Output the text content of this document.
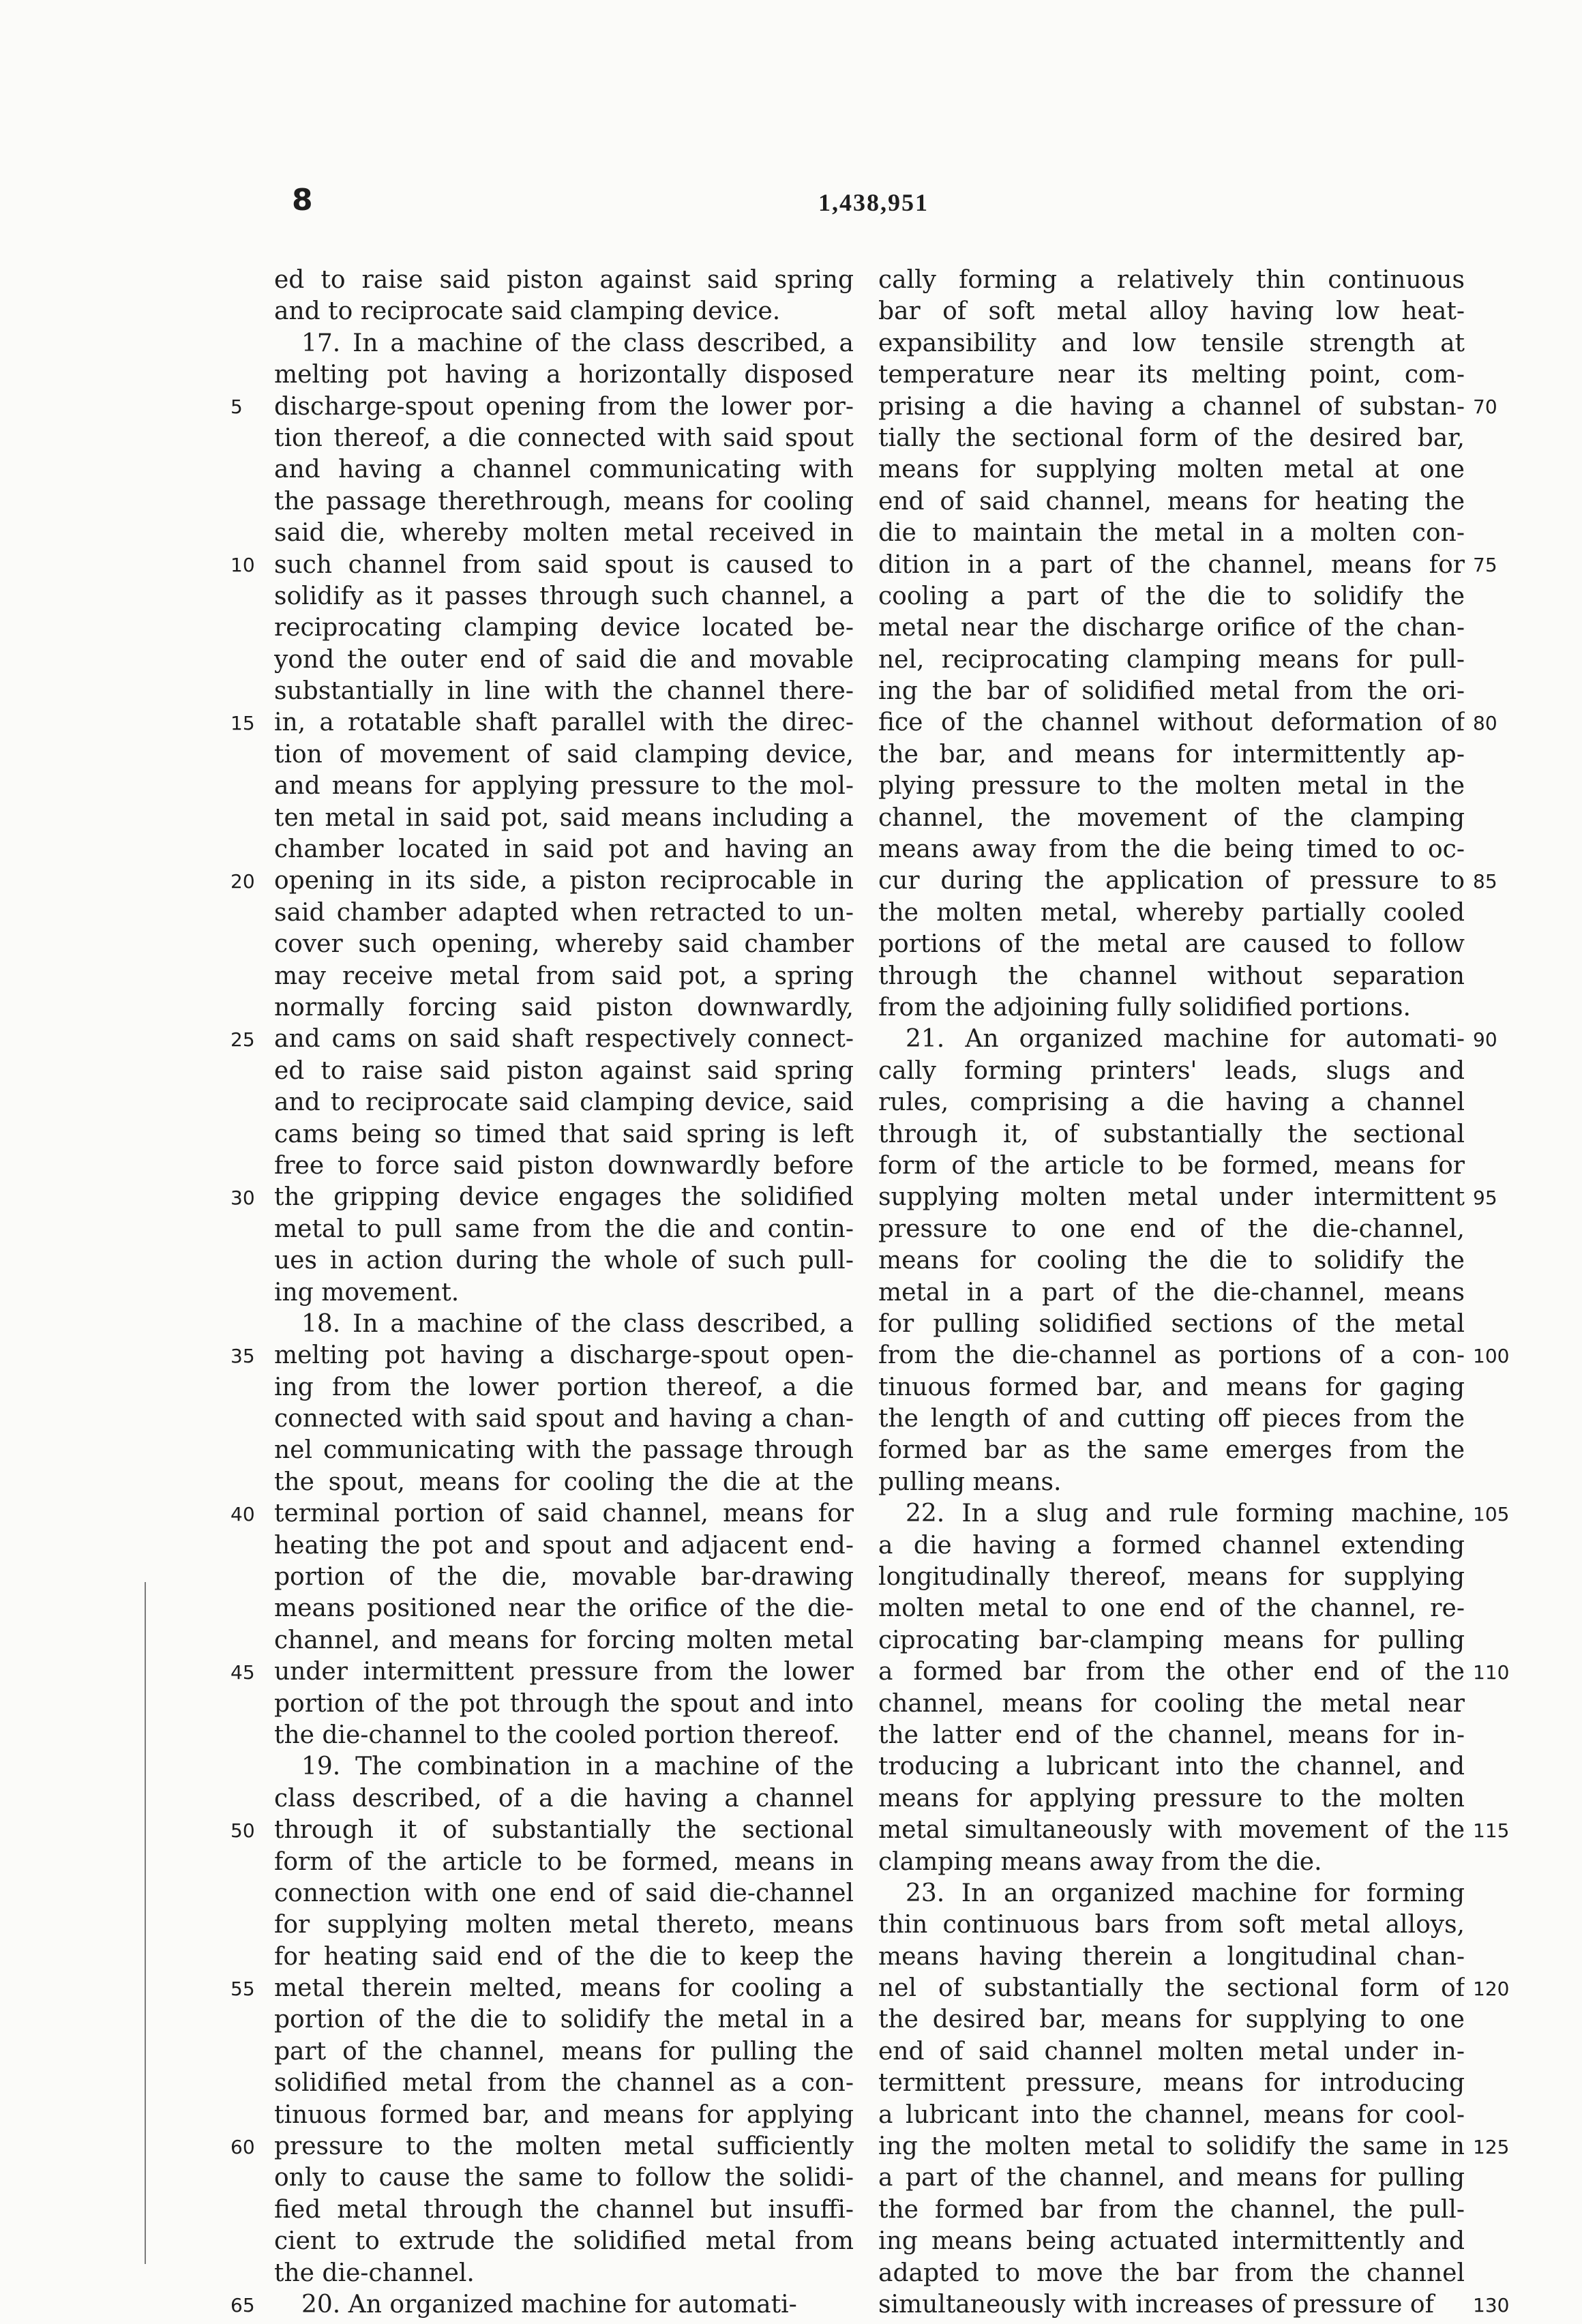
8	1,438,951
5
10
15
20
25
30
35
40
45
50
55
60
65
ed to raise said piston against said spring
and to reciprocate said clamping device.
17. In a machine of the class described, a
melting pot having a horizontally disposed
discharge-spout opening from the lower por-
tion thereof, a die connected with said spout
and having a channel communicating with
the passage therethrough, means for cooling
said die, whereby molten metal received in
such channel from said spout is caused to
solidify as it passes through such channel, a
reciprocating clamping device located be-
yond the outer end of said die and movable
substantially in line with the channel there-
in, a rotatable shaft parallel with the direc-
tion of movement of said clamping device,
and means for applying pressure to the mol-
ten metal in said pot, said means including a
chamber located in said pot and having an
opening in its side, a piston reciprocable in
said chamber adapted when retracted to un-
cover such opening, whereby said chamber
may receive metal from said pot, a spring
normally forcing said piston downwardly,
and cams on said shaft respectively connect-
ed to raise said piston against said spring
and to reciprocate said clamping device, said
cams being so timed that said spring is left
free to force said piston downwardly before
the gripping device engages the solidified
metal to pull same from the die and contin-
ues in action during the whole of such pull-
ing movement.
18. In a machine of the class described, a
melting pot having a discharge-spout open-
ing from the lower portion thereof, a die
connected with said spout and having a chan-
nel communicating with the passage through
the spout, means for cooling the die at the
terminal portion of said channel, means for
heating the pot and spout and adjacent end-
portion of the die, movable bar-drawing
means positioned near the orifice of the die-
channel, and means for forcing molten metal
under intermittent pressure from the lower
portion of the pot through the spout and into
the die-channel to the cooled portion thereof.
19. The combination in a machine of the
class described, of a die having a channel
through it of substantially the sectional
form of the article to be formed, means in
connection with one end of said die-channel
for supplying molten metal thereto, means
for heating said end of the die to keep the
metal therein melted, means for cooling a
portion of the die to solidify the metal in a
part of the channel, means for pulling the
solidified metal from the channel as a con-
tinuous formed bar, and means for applying
pressure to the molten metal sufficiently
only to cause the same to follow the solidi-
fied metal through the channel but insuffi-
cient to extrude the solidified metal from
the die-channel.
20. An organized machine for automati-
cally forming a relatively thin continuous
bar of soft metal alloy having low heat-
expansibility and low tensile strength at
temperature near its melting point, com-
prising a die having a channel of substan-
tially the sectional form of the desired bar,
means for supplying molten metal at one
end of said channel, means for heating the
die to maintain the metal in a molten con-
dition in a part of the channel, means for
cooling a part of the die to solidify the
metal near the discharge orifice of the chan-
nel, reciprocating clamping means for pull-
ing the bar of solidified metal from the ori-
fice of the channel without deformation of
the bar, and means for intermittently ap-
plying pressure to the molten metal in the
channel, the movement of the clamping
means away from the die being timed to oc-
cur during the application of pressure to
the molten metal, whereby partially cooled
portions of the metal are caused to follow
through the channel without separation
from the adjoining fully solidified portions.
21. An organized machine for automati-
cally forming printers' leads, slugs and
rules, comprising a die having a channel
through it, of substantially the sectional
form of the article to be formed, means for
supplying molten metal under intermittent
pressure to one end of the die-channel,
means for cooling the die to solidify the
metal in a part of the die-channel, means
for pulling solidified sections of the metal
from the die-channel as portions of a con-
tinuous formed bar, and means for gaging
the length of and cutting off pieces from the
formed bar as the same emerges from the
pulling means.
22. In a slug and rule forming machine,
a die having a formed channel extending
longitudinally thereof, means for supplying
molten metal to one end of the channel, re-
ciprocating bar-clamping means for pulling
a formed bar from the other end of the
channel, means for cooling the metal near
the latter end of the channel, means for in-
troducing a lubricant into the channel, and
means for applying pressure to the molten
metal simultaneously with movement of the
clamping means away from the die.
23. In an organized machine for forming
thin continuous bars from soft metal alloys,
means having therein a longitudinal chan-
nel of substantially the sectional form of
the desired bar, means for supplying to one
end of said channel molten metal under in-
termittent pressure, means for introducing
a lubricant into the channel, means for cool-
ing the molten metal to solidify the same in
a part of the channel, and means for pulling
the formed bar from the channel, the pull-
ing means being actuated intermittently and
adapted to move the bar from the channel
simultaneously with increases of pressure of
70
75
80
85
90
95
100
105
110
115
120
125
130
